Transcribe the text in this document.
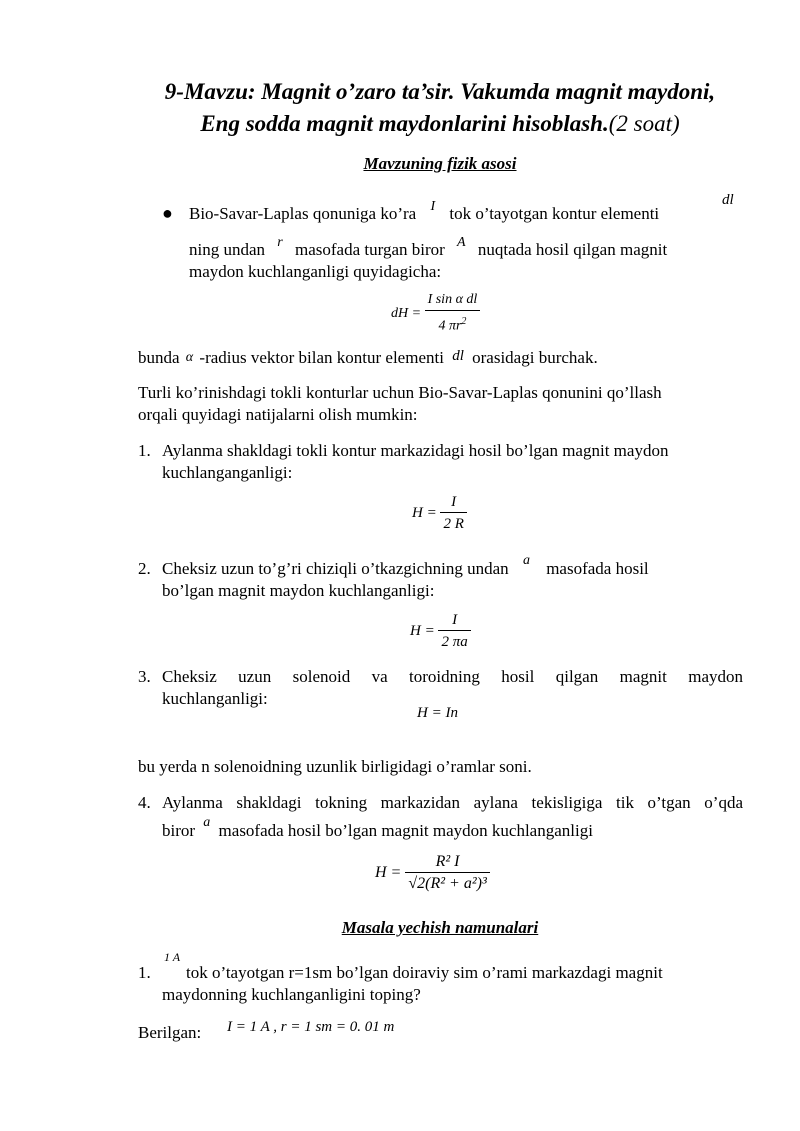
9-Mavzu: Magnit o’zaro ta’sir. Vakumda magnit maydoni,
Eng sodda magnit maydonlarini hisoblash.(2 soat)
Mavzuning fizik asosi
● Bio-Savar-Laplas qonuniga ko’ra $^I$ tok o’tayotgan kontur elementi
dl
ning undan $^r$ masofada turgan biror $^A$ nuqtada hosil qilgan magnit
maydon kuchlanganligi quyidagicha:
dH = $\frac{\text{I sin α dl}}{4 \pi r^2}$
bunda α -radius vektor bilan kontur elementi dl orasidagi burchak.
Turli ko’rinishdagi tokli konturlar uchun Bio-Savar-Laplas qonunini qo’llash
orqali quyidagi natijalarni olish mumkin:
1. Aylanma shakldagi tokli kontur markazidagi hosil bo’lgan magnit maydon
kuchlanganganligi:
$H = \frac{I}{2 R}$
2. Cheksiz uzun to’g’ri chiziqli o’tkazgichning undan $^a$ masofada hosil
bo’lgan magnit maydon kuchlanganligi:
$H = \frac{I}{2 \pi a}$
3. Cheksiz uzun solenoid va toroidning hosil qilgan magnit maydon
kuchlanganligi:
H = In
bu yerda n solenoidning uzunlik birligidagi o’ramlar soni.
4. Aylanma shakldagi tokning markazidan aylana tekisligiga tik o’tgan o’qda
biror $^a$ masofada hosil bo’lgan magnit maydon kuchlanganligi
$H = \frac{\text{R² I}}{\text{√2(R² + a²)³}}$
Masala yechish namunalari
1.
1 A
tok o’tayotgan r=1sm bo’lgan doiraviy sim o’rami markazdagi magnit
maydonning kuchlanganligini toping?
Berilgan: I = 1 A , r = 1 sm = 0. 01 m
